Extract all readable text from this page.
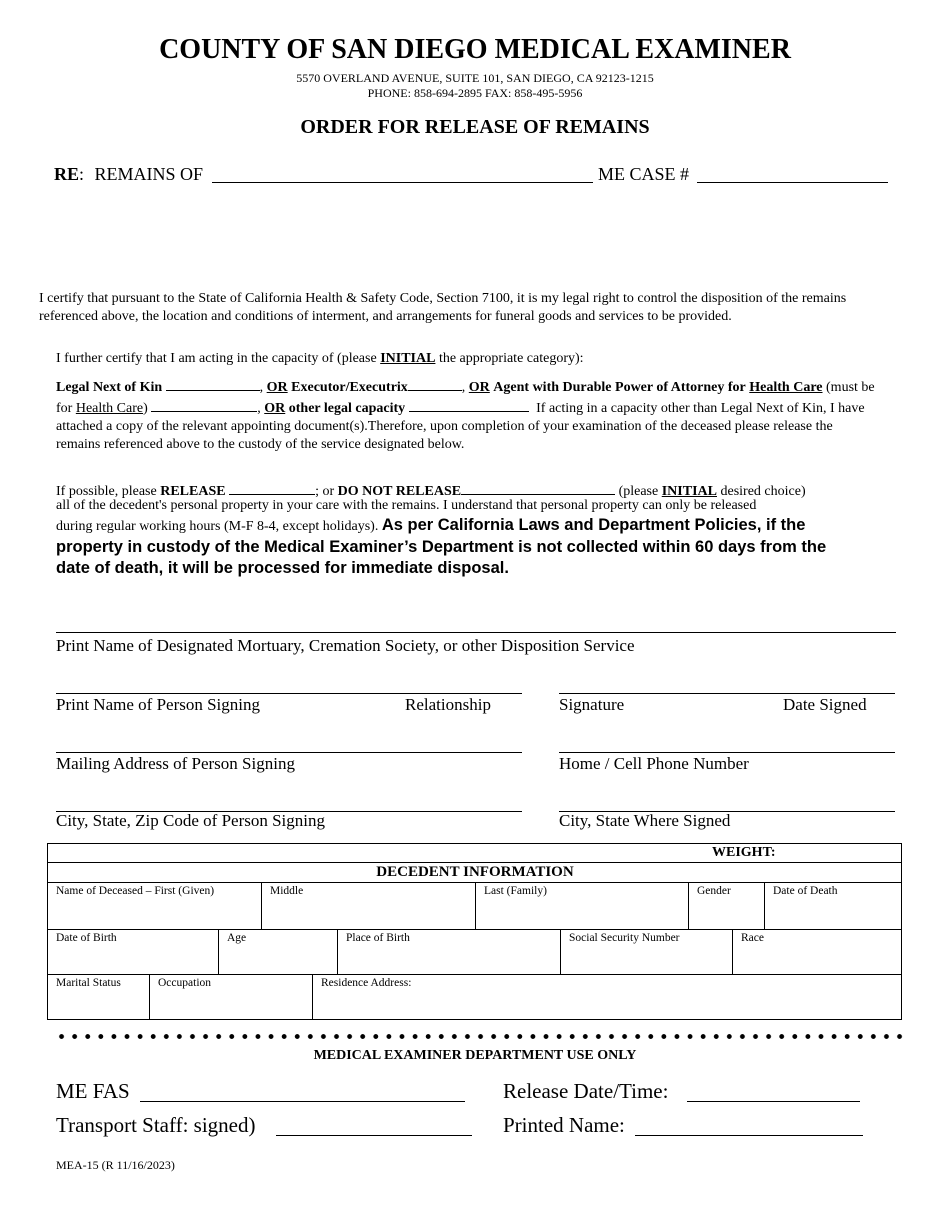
COUNTY OF SAN DIEGO MEDICAL EXAMINER
5570 OVERLAND AVENUE, SUITE 101, SAN DIEGO, CA 92123-1215
PHONE: 858-694-2895 FAX: 858-495-5956
ORDER FOR RELEASE OF REMAINS
RE: REMAINS OF	ME CASE #
I certify that pursuant to the State of California Health & Safety Code, Section 7100, it is my legal right to control the disposition of the remains referenced above, the location and conditions of interment, and arrangements for funeral goods and services to be provided.
I further certify that I am acting in the capacity of (please INITIAL the appropriate category):
Legal Next of Kin	, OR Executor/Executrix	, OR Agent with Durable Power of Attorney for Health Care (must be for Health Care)	, OR other legal capacity	If acting in a capacity other than Legal Next of Kin, I have attached a copy of the relevant appointing document(s).Therefore, upon completion of your examination of the deceased please release the remains referenced above to the custody of the service designated below.
If possible, please RELEASE	; or DO NOT RELEASE	(please INITIAL desired choice)
all of the decedent's personal property in your care with the remains. I understand that personal property can only be released
during regular working hours (M-F 8-4, except holidays). As per California Laws and Department Policies, if the
property in custody of the Medical Examiner’s Department is not collected within 60 days from the
date of death, it will be processed for immediate disposal.
Print Name of Designated Mortuary, Cremation Society, or other Disposition Service
Print Name of Person Signing	Relationship	Signature	Date Signed
Mailing Address of Person Signing	Home / Cell Phone Number
City, State, Zip Code of Person Signing	City, State Where Signed
WEIGHT:
DECEDENT INFORMATION
Name of Deceased – First (Given)	Middle	Last (Family)	Gender	Date of Death
Date of Birth	Age	Place of Birth	Social Security Number	Race
Marital Status	Occupation	Residence Address:
MEDICAL EXAMINER DEPARTMENT USE ONLY
ME FAS	Release Date/Time:
Transport Staff: signed)	Printed Name:
MEA-15 (R 11/16/2023)
